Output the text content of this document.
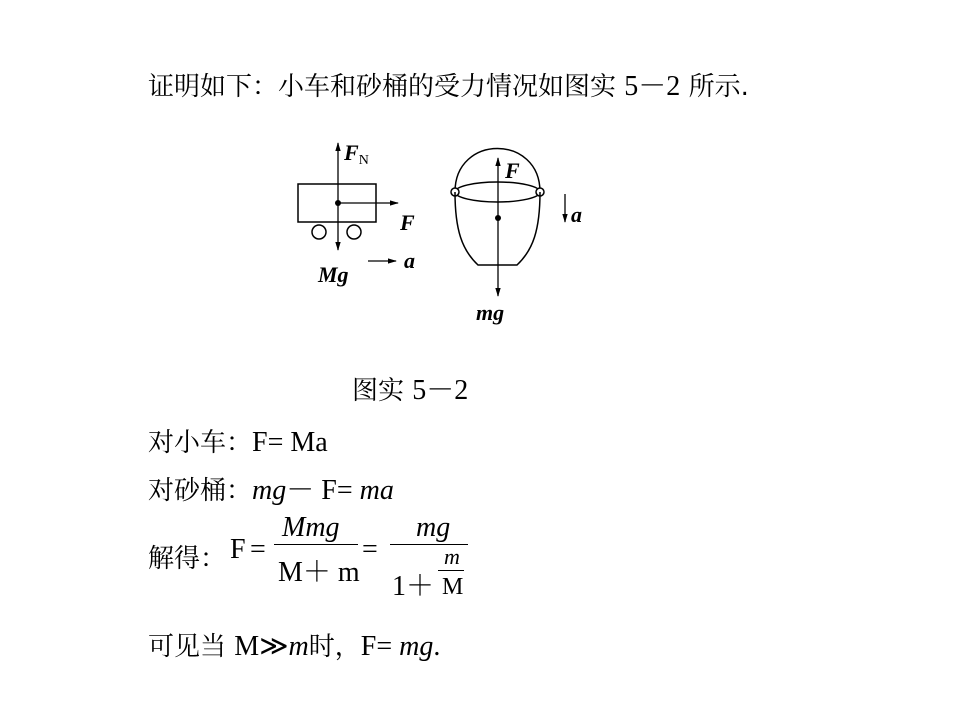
证明如下：小车和砂桶的受力情况如图实 5－2 所示.
FN
F
Mg
a
F
mg
a
图实 5－2
对小车：F= Ma
对砂桶：mg－ F= ma
解得： F =
Mmg
M＋ m
=
mg
1＋
m
M
可见当 M≫m时，F= mg.
